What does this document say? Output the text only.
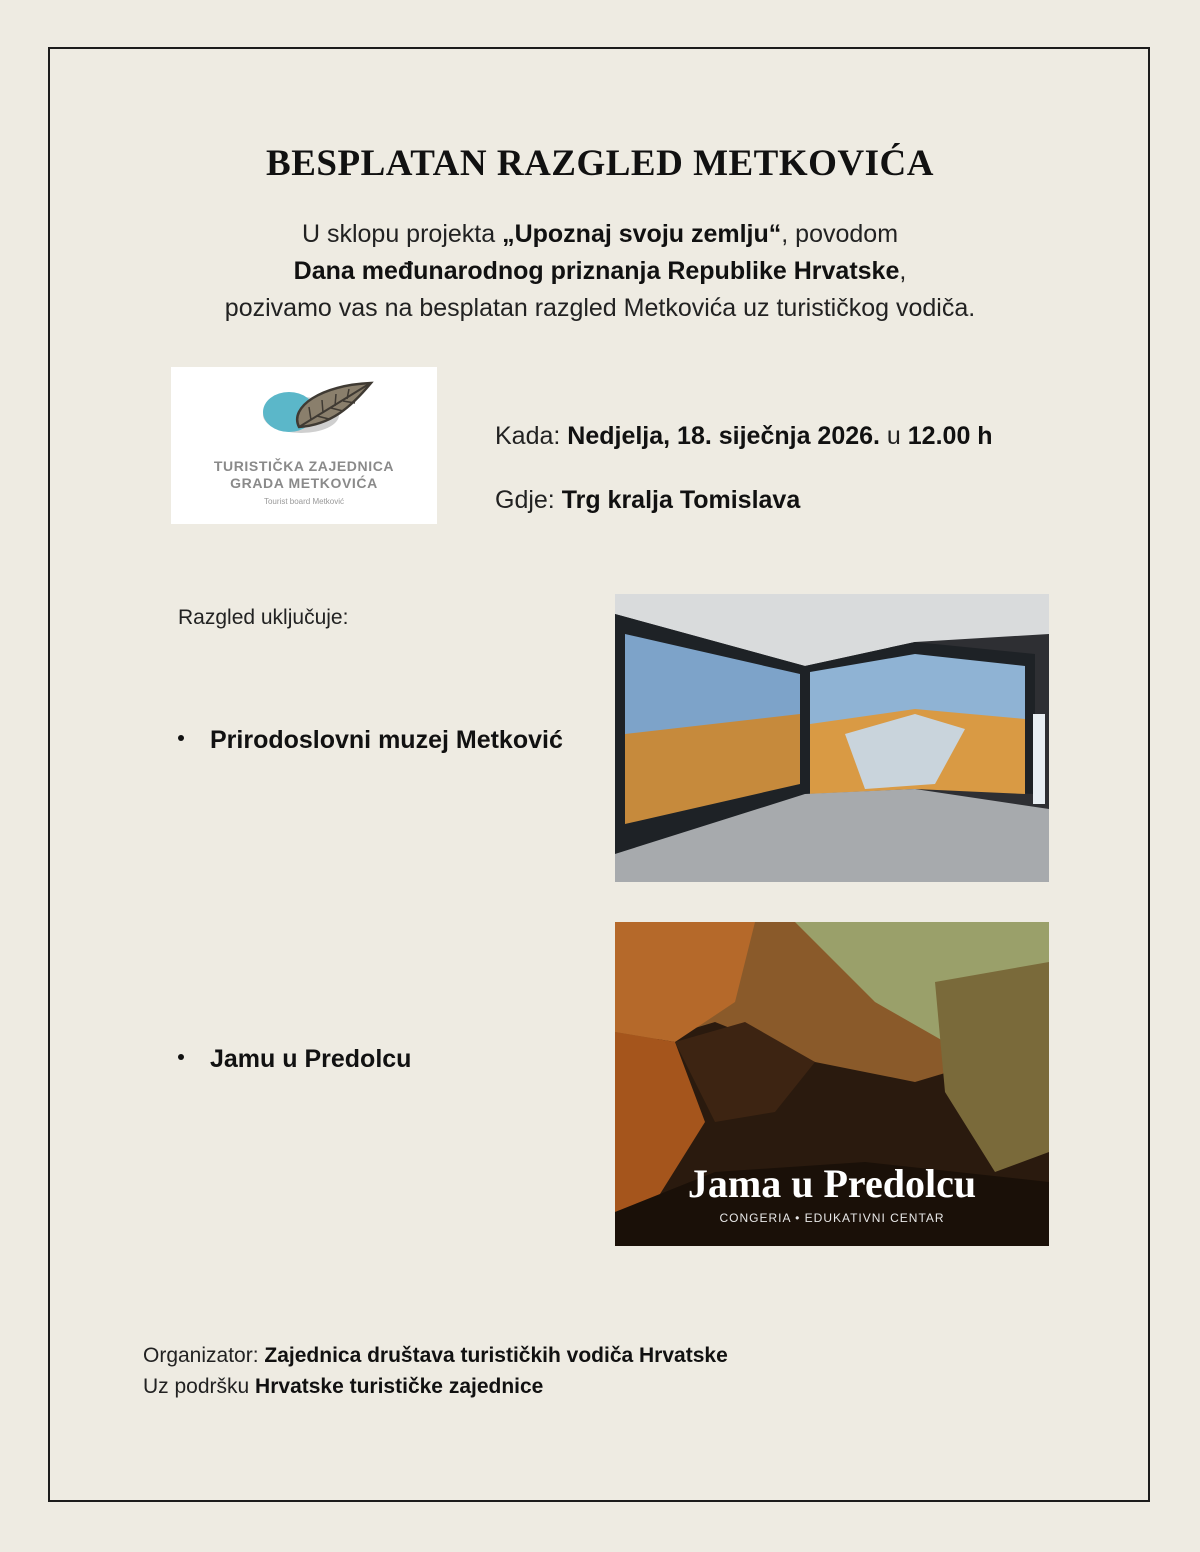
BESPLATAN RAZGLED METKOVIĆA
U sklopu projekta „Upoznaj svoju zemlju“, povodom
Dana međunarodnog priznanja Republike Hrvatske,
pozivamo vas na besplatan razgled Metkovića uz turističkog vodiča.
TURISTIČKA ZAJEDNICA
GRADA METKOVIĆA
Tourist board Metković
Kada: Nedjelja, 18. siječnja 2026. u 12.00 h
Gdje: Trg kralja Tomislava
Razgled uključuje:
Prirodoslovni muzej Metković
Jamu u Predolcu
Jama u Predolcu
CONGERIA • EDUKATIVNI CENTAR
Organizator: Zajednica društava turističkih vodiča Hrvatske
Uz podršku Hrvatske turističke zajednice
